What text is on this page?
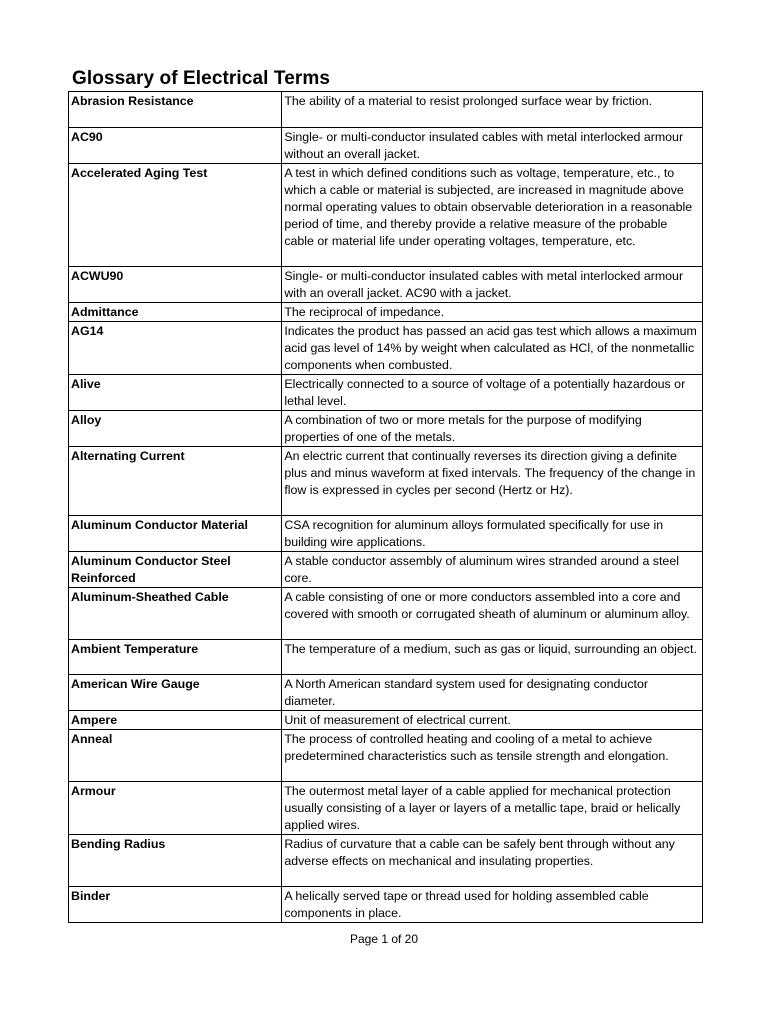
Glossary of Electrical Terms
Abrasion Resistance	The ability of a material to resist prolonged surface wear by friction.
AC90	Single- or multi-conductor insulated cables with metal interlocked armour without an overall jacket.
Accelerated Aging Test	A test in which defined conditions such as voltage, temperature, etc., to which a cable or material is subjected, are increased in magnitude above normal operating values to obtain observable deterioration in a reasonable period of time, and thereby provide a relative measure of the probable cable or material life under operating voltages, temperature, etc.
ACWU90	Single- or multi-conductor insulated cables with metal interlocked armour with an overall jacket. AC90 with a jacket.
Admittance	The reciprocal of impedance.
AG14	Indicates the product has passed an acid gas test which allows a maximum acid gas level of 14% by weight when calculated as HCl, of the nonmetallic components when combusted.
Alive	Electrically connected to a source of voltage of a potentially hazardous or lethal level.
Alloy	A combination of two or more metals for the purpose of modifying properties of one of the metals.
Alternating Current	An electric current that continually reverses its direction giving a definite plus and minus waveform at fixed intervals. The frequency of the change in flow is expressed in cycles per second (Hertz or Hz).
Aluminum Conductor Material	CSA recognition for aluminum alloys formulated specifically for use in building wire applications.
Aluminum Conductor Steel Reinforced	A stable conductor assembly of aluminum wires stranded around a steel core.
Aluminum-Sheathed Cable	A cable consisting of one or more conductors assembled into a core and covered with smooth or corrugated sheath of aluminum or aluminum alloy.
Ambient Temperature	The temperature of a medium, such as gas or liquid, surrounding an object.
American Wire Gauge	A North American standard system used for designating conductor diameter.
Ampere	Unit of measurement of electrical current.
Anneal	The process of controlled heating and cooling of a metal to achieve predetermined characteristics such as tensile strength and elongation.
Armour	The outermost metal layer of a cable applied for mechanical protection usually consisting of a layer or layers of a metallic tape, braid or helically applied wires.
Bending Radius	Radius of curvature that a cable can be safely bent through without any adverse effects on mechanical and insulating properties.
Binder	A helically served tape or thread used for holding assembled cable components in place.
Page 1 of 20
